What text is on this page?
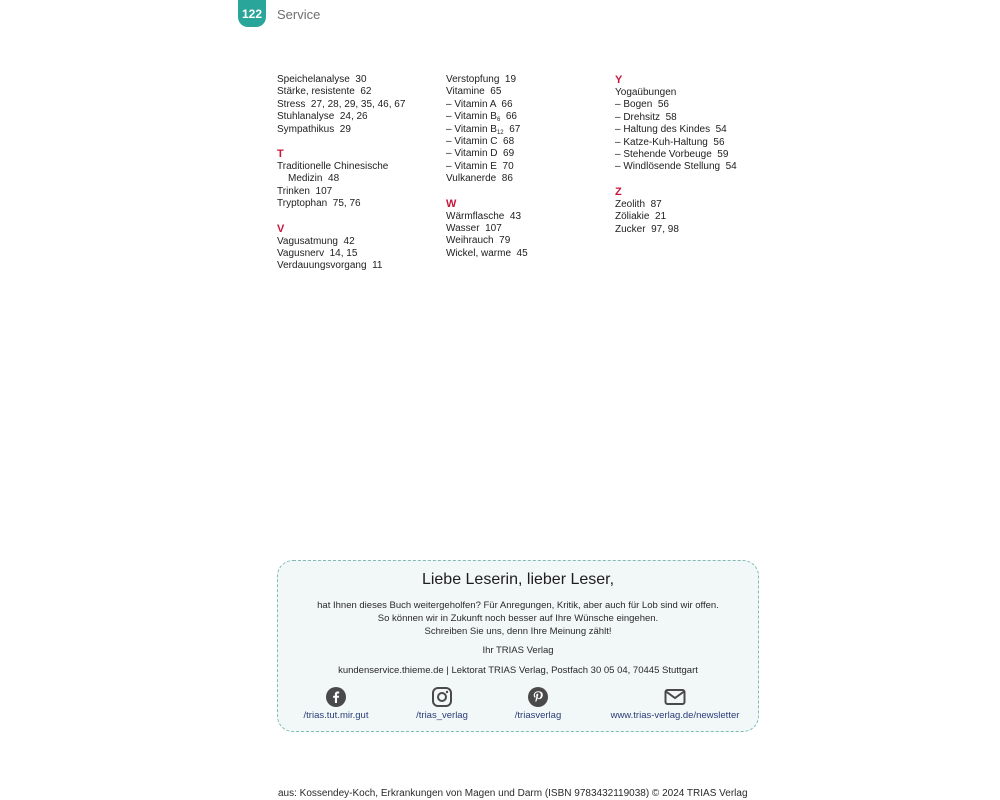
122	Service
Speichelanalyse  30
Stärke, resistente  62
Stress  27, 28, 29, 35, 46, 67
Stuhlanalyse  24, 26
Sympathikus  29
T
Traditionelle Chinesische
Medizin  48
Trinken  107
Tryptophan  75, 76
V
Vagusatmung  42
Vagusnerv  14, 15
Verdauungsvorgang  11
Verstopfung  19
Vitamine  65
– Vitamin A  66
– Vitamin $B_6$  66
– Vitamin $B_{12}$  67
– Vitamin C  68
– Vitamin D  69
– Vitamin E  70
Vulkanerde  86
W
Wärmflasche  43
Wasser  107
Weihrauch  79
Wickel, warme  45
Y
Yogaübungen
– Bogen  56
– Drehsitz  58
– Haltung des Kindes  54
– Katze-Kuh-Haltung  56
– Stehende Vorbeuge  59
– Windlösende Stellung  54
Z
Zeolith  87
Zöliakie  21
Zucker  97, 98
Liebe Leserin, lieber Leser,
hat Ihnen dieses Buch weitergeholfen? Für Anregungen, Kritik, aber auch für Lob sind wir offen.
So können wir in Zukunft noch besser auf Ihre Wünsche eingehen.
Schreiben Sie uns, denn Ihre Meinung zählt!
Ihr TRIAS Verlag
kundenservice.thieme.de | Lektorat TRIAS Verlag, Postfach 30 05 04, 70445 Stuttgart
/trias.tut.mir.gut	/trias_verlag	/triasverlag	www.trias-verlag.de/newsletter
aus: Kossendey-Koch, Erkrankungen von Magen und Darm (ISBN 9783432119038) © 2024 TRIAS Verlag
